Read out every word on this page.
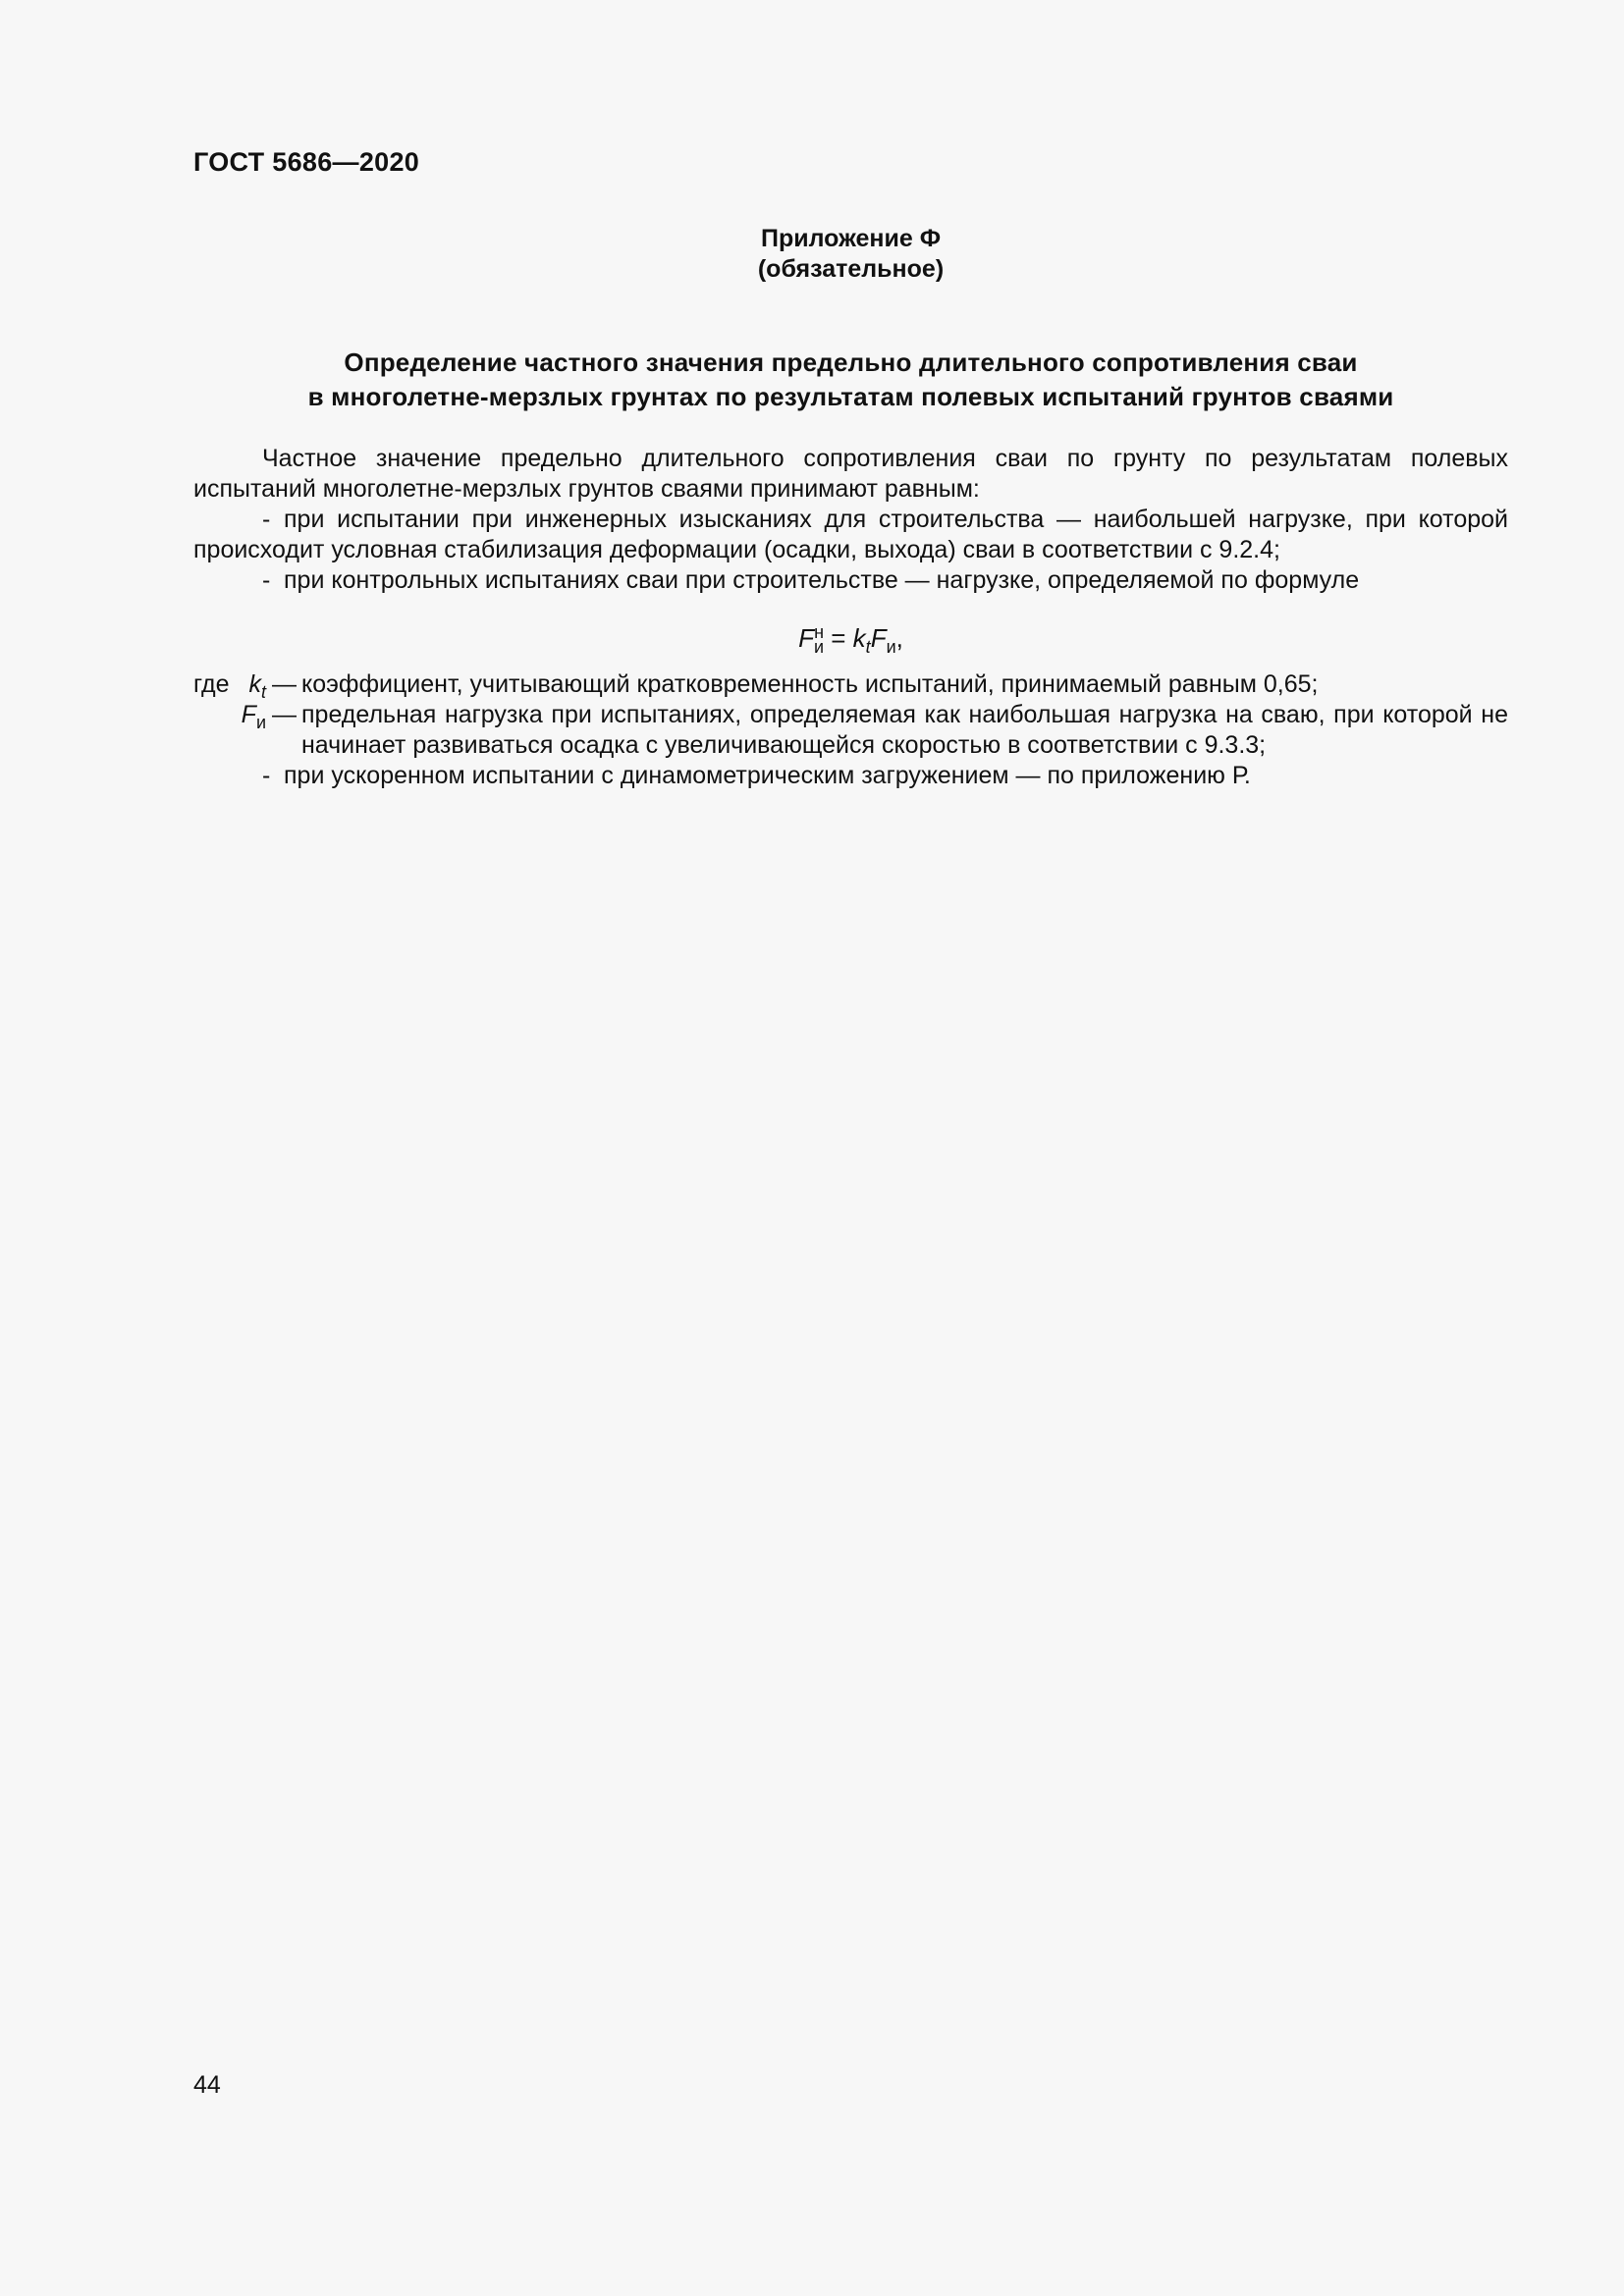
ГОСТ 5686—2020
Приложение Ф
(обязательное)
Определение частного значения предельно длительного сопротивления сваи
в многолетне-мерзлых грунтах по результатам полевых испытаний грунтов сваями
Частное значение предельно длительного сопротивления сваи по грунту по результатам полевых испытаний многолетне-мерзлых грунтов сваями принимают равным:
- при испытании при инженерных изысканиях для строительства — наибольшей нагрузке, при которой происходит условная стабилизация деформации (осадки, выхода) сваи в соответствии с 9.2.4;
- при контрольных испытаниях сваи при строительстве — нагрузке, определяемой по формуле
$F_и^н = k_tF_и$,
где $k_t$ — коэффициент, учитывающий кратковременность испытаний, принимаемый равным 0,65;
$F_и$ — предельная нагрузка при испытаниях, определяемая как наибольшая нагрузка на сваю, при которой не начинает развиваться осадка с увеличивающейся скоростью в соответствии с 9.3.3;
- при ускоренном испытании с динамометрическим загружением — по приложению Р.
44
